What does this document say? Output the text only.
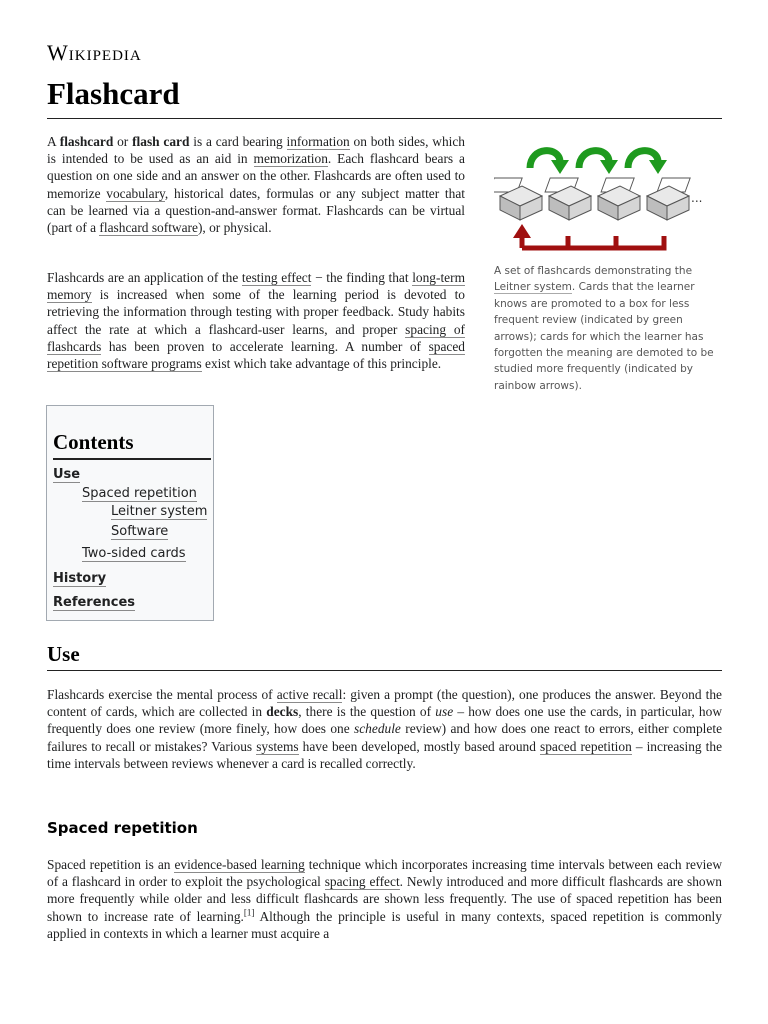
Wikipedia
Flashcard

A flashcard or flash card is a card bearing information on both sides, which is intended to be used as an aid in memorization. Each flashcard bears a question on one side and an answer on the other. Flashcards are often used to memorize vocabulary, historical dates, formulas or any subject matter that can be learned via a question-and-answer format. Flashcards can be virtual (part of a flashcard software), or physical.

Flashcards are an application of the testing effect − the finding that long-term memory is increased when some of the learning period is devoted to retrieving the information through testing with proper feedback. Study habits affect the rate at which a flashcard-user learns, and proper spacing of flashcards has been proven to accelerate learning. A number of spaced repetition software programs exist which take advantage of this principle.

...

A set of flashcards demonstrating the Leitner system. Cards that the learner knows are promoted to a box for less frequent review (indicated by green arrows); cards for which the learner has forgotten the meaning are demoted to be studied more frequently (indicated by rainbow arrows).

Contents
Use
Spaced repetition
Leitner system
Software
Two-sided cards
History
References
Use

Flashcards exercise the mental process of active recall: given a prompt (the question), one produces the answer. Beyond the content of cards, which are collected in decks, there is the question of use – how does one use the cards, in particular, how frequently does one review (more finely, how does one schedule review) and how does one react to errors, either complete failures to recall or mistakes? Various systems have been developed, mostly based around spaced repetition – increasing the time intervals between reviews whenever a card is recalled correctly.

Spaced repetition

Spaced repetition is an evidence-based learning technique which incorporates increasing time intervals between each review of a flashcard in order to exploit the psychological spacing effect. Newly introduced and more difficult flashcards are shown more frequently while older and less difficult flashcards are shown less frequently. The use of spaced repetition has been shown to increase rate of learning.[1] Although the principle is useful in many contexts, spaced repetition is commonly applied in contexts in which a learner must acquire a
